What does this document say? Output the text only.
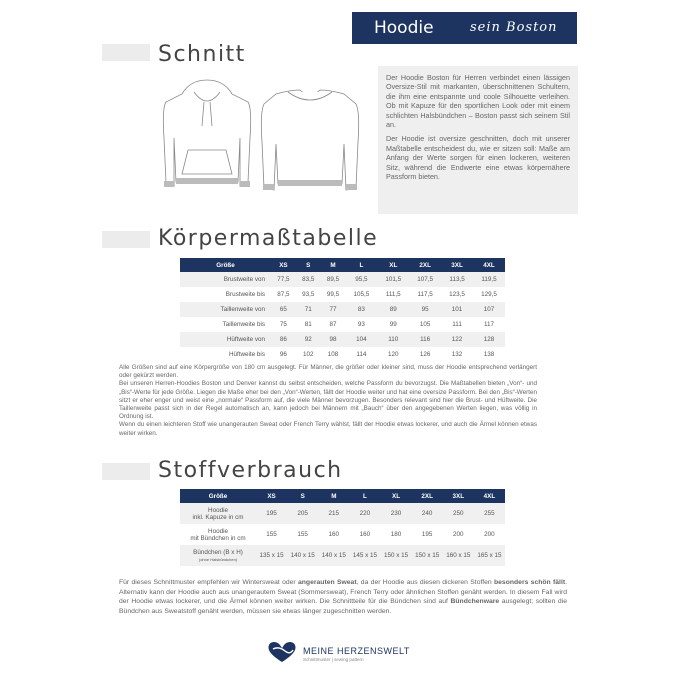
Hoodie	sein Boston
Schnitt

Der Hoodie Boston für Herren verbindet einen lässigen Oversize-Stil mit markanten, überschnittenen Schultern, die ihm eine entspannte und coole Silhouette verleihen. Ob mit Kapuze für den sportlichen Look oder mit einem schlichten Halsbündchen – Boston passt sich seinem Stil an.

Der Hoodie ist oversize geschnitten, doch mit unserer Maßtabelle entscheidest du, wie er sitzen soll: Maße am Anfang der Werte sorgen für einen lockeren, weiteren Sitz, während die Endwerte eine etwas körpernähere Passform bieten.

Körpermaßtabelle
Größe	XS	S	M	L	XL	2XL	3XL	4XL
Brustweite von	77,5	83,5	89,5	95,5	101,5	107,5	113,5	119,5
Brustweite bis	87,5	93,5	99,5	105,5	111,5	117,5	123,5	129,5
Taillenweite von	65	71	77	83	89	95	101	107
Taillenweite bis	75	81	87	93	99	105	111	117
Hüftweite von	86	92	98	104	110	116	122	128
Hüftweite bis	96	102	108	114	120	126	132	138
Alle Größen sind auf eine Körpergröße von 180 cm ausgelegt. Für Männer, die größer oder kleiner sind, muss der Hoodie entsprechend verlängert oder gekürzt werden.
Bei unseren Herren-Hoodies Boston und Denver kannst du selbst entscheiden, welche Passform du bevorzugst. Die Maßtabellen bieten „Von“- und „Bis“-Werte für jede Größe. Liegen die Maße eher bei den „Von“-Werten, fällt der Hoodie weiter und hat eine oversize Passform. Bei den „Bis“-Werten sitzt er eher enger und weist eine „normale“ Passform auf, die viele Männer bevorzugen. Besonders relevant sind hier die Brust- und Hüftweite. Die Taillenweite passt sich in der Regel automatisch an, kann jedoch bei Männern mit „Bauch“ über den angegebenen Werten liegen, was völlig in Ordnung ist.
Wenn du einen leichteren Stoff wie unangerauten Sweat oder French Terry wählst, fällt der Hoodie etwas lockerer, und auch die Ärmel können etwas weiter wirken.
Stoffverbrauch
Größe	XS	S	M	L	XL	2XL	3XL	4XL

Hoodie
inkl. Kapuze in cm	195	205	215	220	230	240	250	255

Hoodie
mit Bündchen in cm	155	155	160	160	180	195	200	200

Bündchen (B x H)
(ohne Halsbündchen)	135 x 15	140 x 15	140 x 15	145 x 15	150 x 15	150 x 15	160 x 15	165 x 15
Für dieses Schnittmuster empfehlen wir Wintersweat oder angerauten Sweat, da der Hoodie aus diesen dickeren Stoffen besonders schön fällt. Alternativ kann der Hoodie auch aus unangerautem Sweat (Sommersweat), French Terry oder ähnlichen Stoffen genäht werden. In diesem Fall wird der Hoodie etwas lockerer, und die Ärmel können weiter wirken. Die Schnittteile für die Bündchen sind auf Bündchenware ausgelegt; sollten die Bündchen aus Sweatstoff genäht werden, müssen sie etwas länger zugeschnitten werden.
MEINE HERZENSWELT
Schnittmuster | sewing pattern
